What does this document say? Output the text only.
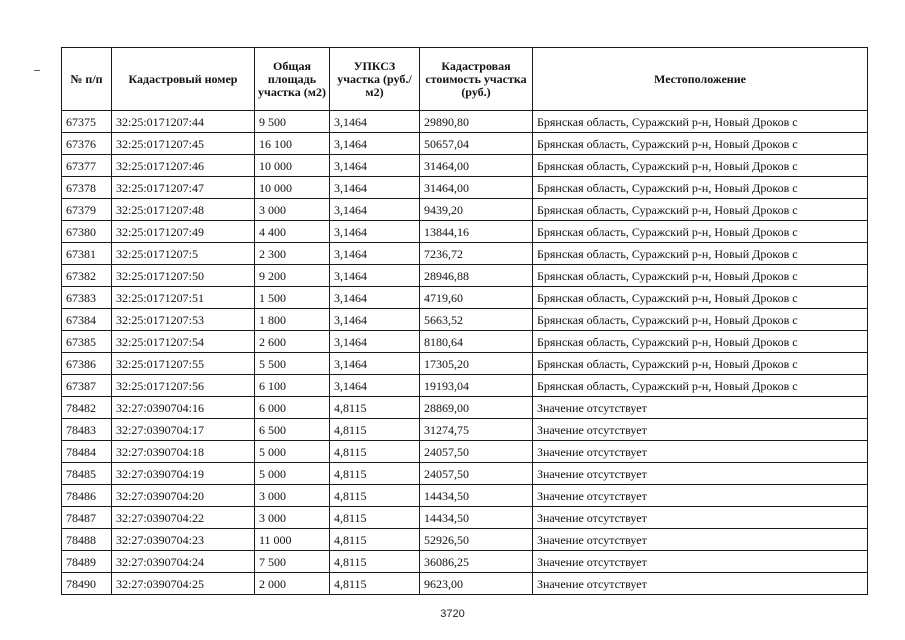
№ п/п	Кадастровый номер	Общая площадь участка (м2)	УПКСЗ участка (руб./м2)	Кадастровая стоимость участка (руб.)	Местоположение
67375	32:25:0171207:44	9 500	3,1464	29890,80	Брянская область, Суражский р-н, Новый Дроков с
67376	32:25:0171207:45	16 100	3,1464	50657,04	Брянская область, Суражский р-н, Новый Дроков с
67377	32:25:0171207:46	10 000	3,1464	31464,00	Брянская область, Суражский р-н, Новый Дроков с
67378	32:25:0171207:47	10 000	3,1464	31464,00	Брянская область, Суражский р-н, Новый Дроков с
67379	32:25:0171207:48	3 000	3,1464	9439,20	Брянская область, Суражский р-н, Новый Дроков с
67380	32:25:0171207:49	4 400	3,1464	13844,16	Брянская область, Суражский р-н, Новый Дроков с
67381	32:25:0171207:5	2 300	3,1464	7236,72	Брянская область, Суражский р-н, Новый Дроков с
67382	32:25:0171207:50	9 200	3,1464	28946,88	Брянская область, Суражский р-н, Новый Дроков с
67383	32:25:0171207:51	1 500	3,1464	4719,60	Брянская область, Суражский р-н, Новый Дроков с
67384	32:25:0171207:53	1 800	3,1464	5663,52	Брянская область, Суражский р-н, Новый Дроков с
67385	32:25:0171207:54	2 600	3,1464	8180,64	Брянская область, Суражский р-н, Новый Дроков с
67386	32:25:0171207:55	5 500	3,1464	17305,20	Брянская область, Суражский р-н, Новый Дроков с
67387	32:25:0171207:56	6 100	3,1464	19193,04	Брянская область, Суражский р-н, Новый Дроков с
78482	32:27:0390704:16	6 000	4,8115	28869,00	Значение отсутствует
78483	32:27:0390704:17	6 500	4,8115	31274,75	Значение отсутствует
78484	32:27:0390704:18	5 000	4,8115	24057,50	Значение отсутствует
78485	32:27:0390704:19	5 000	4,8115	24057,50	Значение отсутствует
78486	32:27:0390704:20	3 000	4,8115	14434,50	Значение отсутствует
78487	32:27:0390704:22	3 000	4,8115	14434,50	Значение отсутствует
78488	32:27:0390704:23	11 000	4,8115	52926,50	Значение отсутствует
78489	32:27:0390704:24	7 500	4,8115	36086,25	Значение отсутствует
78490	32:27:0390704:25	2 000	4,8115	9623,00	Значение отсутствует
3720
